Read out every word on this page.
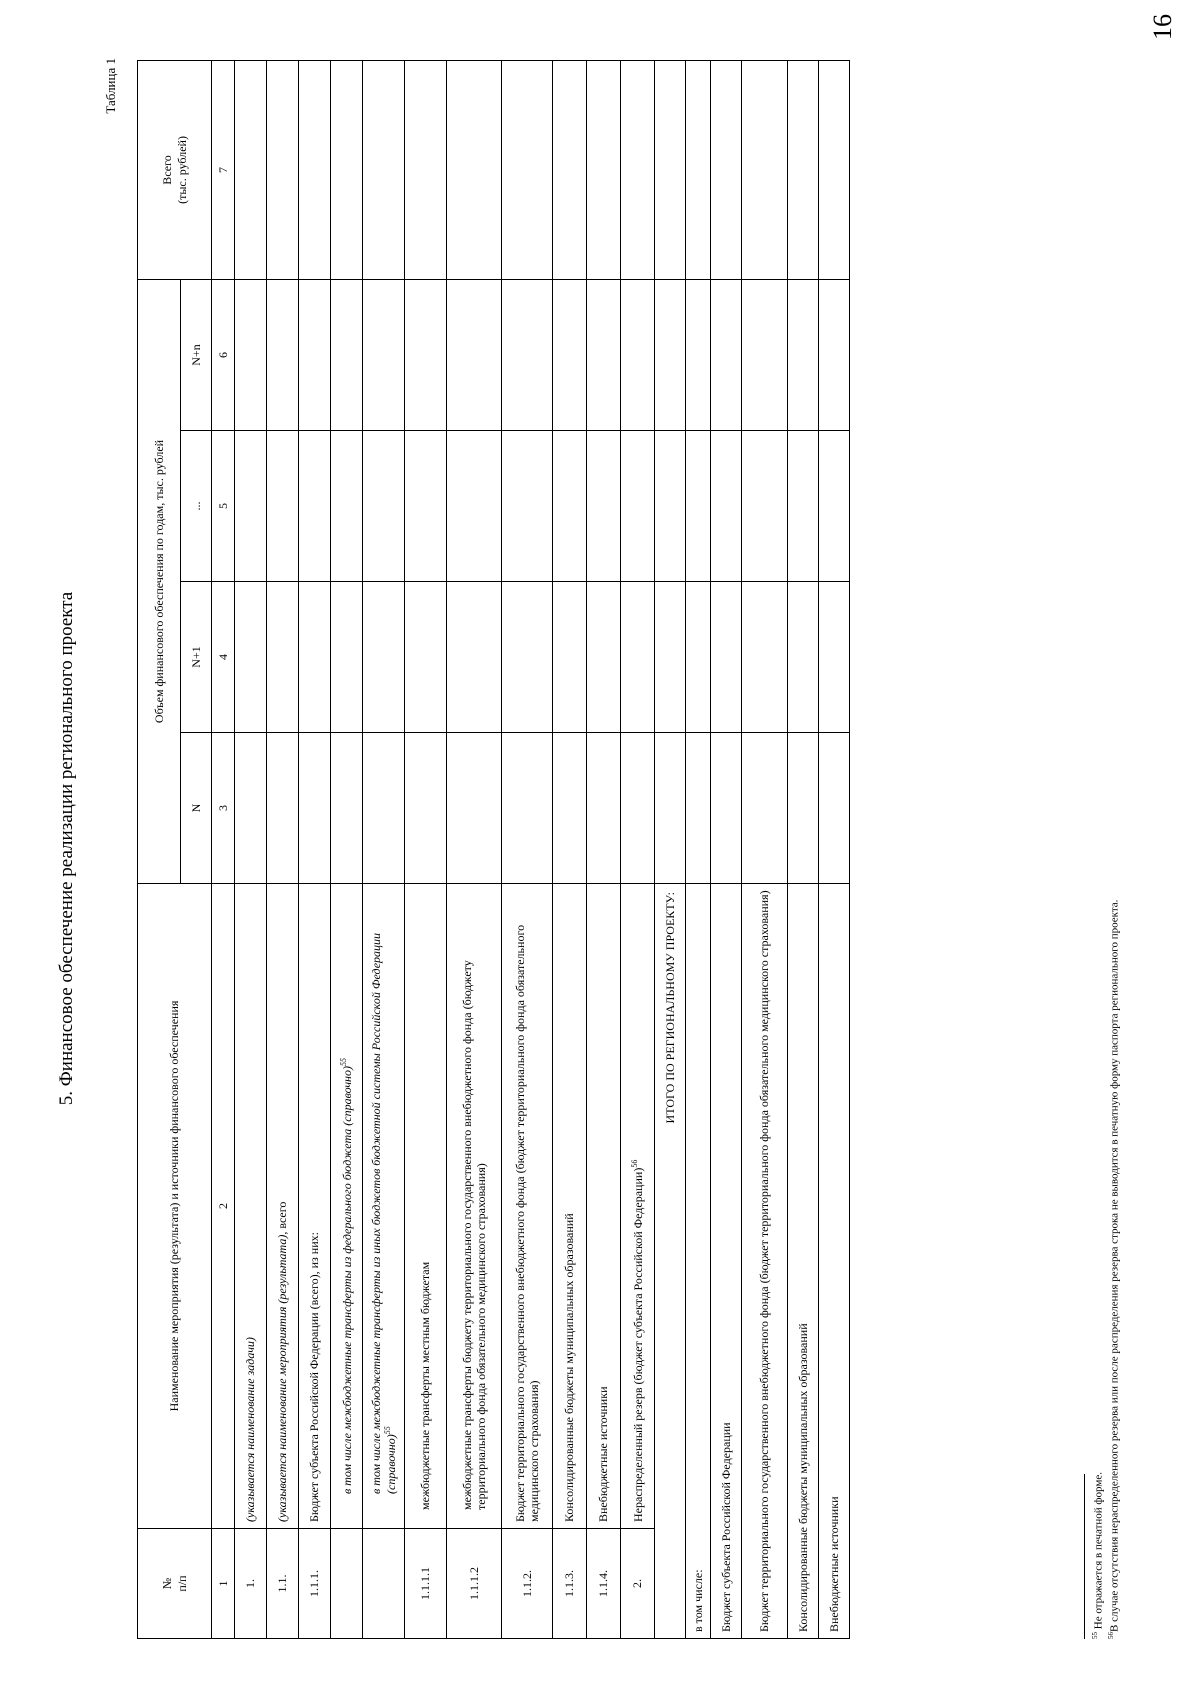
5. Финансовое обеспечение реализации регионального проекта
Таблица 1
16
№
п/п	Наименование мероприятия (результата) и источники финансового обеспечения	Объем финансового обеспечения по годам, тыс. рублей				Всего
(тыс. рублей)
		N	N+1	...	N+n	
1	2	3	4	5	6	7
1.	(указывается наименование задачи)					
1.1.	(указывается наименование мероприятия (результата), всего					
1.1.1.	Бюджет субъекта Российской Федерации (всего), из них:					
	в том числе межбюджетные трансферты из федерального бюджета (справочно)$^{55}$					
	в том числе межбюджетные трансферты из иных бюджетов бюджетной системы Российской Федерации (справочно)$^{55}$					
1.1.1.1	межбюджетные трансферты местным бюджетам					
1.1.1.2	межбюджетные трансферты бюджету территориального государственного внебюджетного фонда (бюджету территориального фонда обязательного медицинского страхования)					
1.1.2.	Бюджет территориального государственного внебюджетного фонда (бюджет территориального фонда обязательного медицинского страхования)					
1.1.3.	Консолидированные бюджеты муниципальных образований					
1.1.4.	Внебюджетные источники					
2.	Нераспределенный резерв (бюджет субъекта Российской Федерации)$^{56}$					
ИТОГО ПО РЕГИОНАЛЬНОМУ ПРОЕКТУ:						
в том числе:						
Бюджет субъекта Российской Федерации						
Бюджет территориального государственного внебюджетного фонда (бюджет территориального фонда обязательного медицинского страхования)						
Консолидированные бюджеты муниципальных образований						
Внебюджетные источники						
$^{55}$ Не отражается в печатной форме.
$^{56}$В случае отсутствия нераспределенного резерва или после распределения резерва строка не выводится в печатную форму паспорта регионального проекта.
